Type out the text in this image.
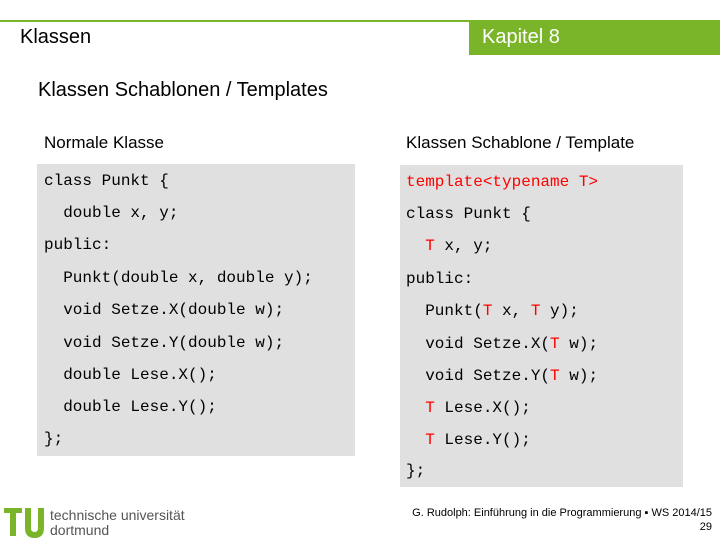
Klassen	Kapitel 8
Klassen Schablonen / Templates
Normale Klasse	Klassen Schablone / Template
class Punkt {
double x, y;
public:
Punkt(double x, double y);
void Setze.X(double w);
void Setze.Y(double w);
double Lese.X();
double Lese.Y();
};
template<typename T>
class Punkt {
T x, y;
public:
Punkt(T x, T y);
void Setze.X(T w);
void Setze.Y(T w);
T Lese.X();
T Lese.Y();
};
technische universität
dortmund
G. Rudolph: Einführung in die Programmierung ▪ WS 2014/15
29
